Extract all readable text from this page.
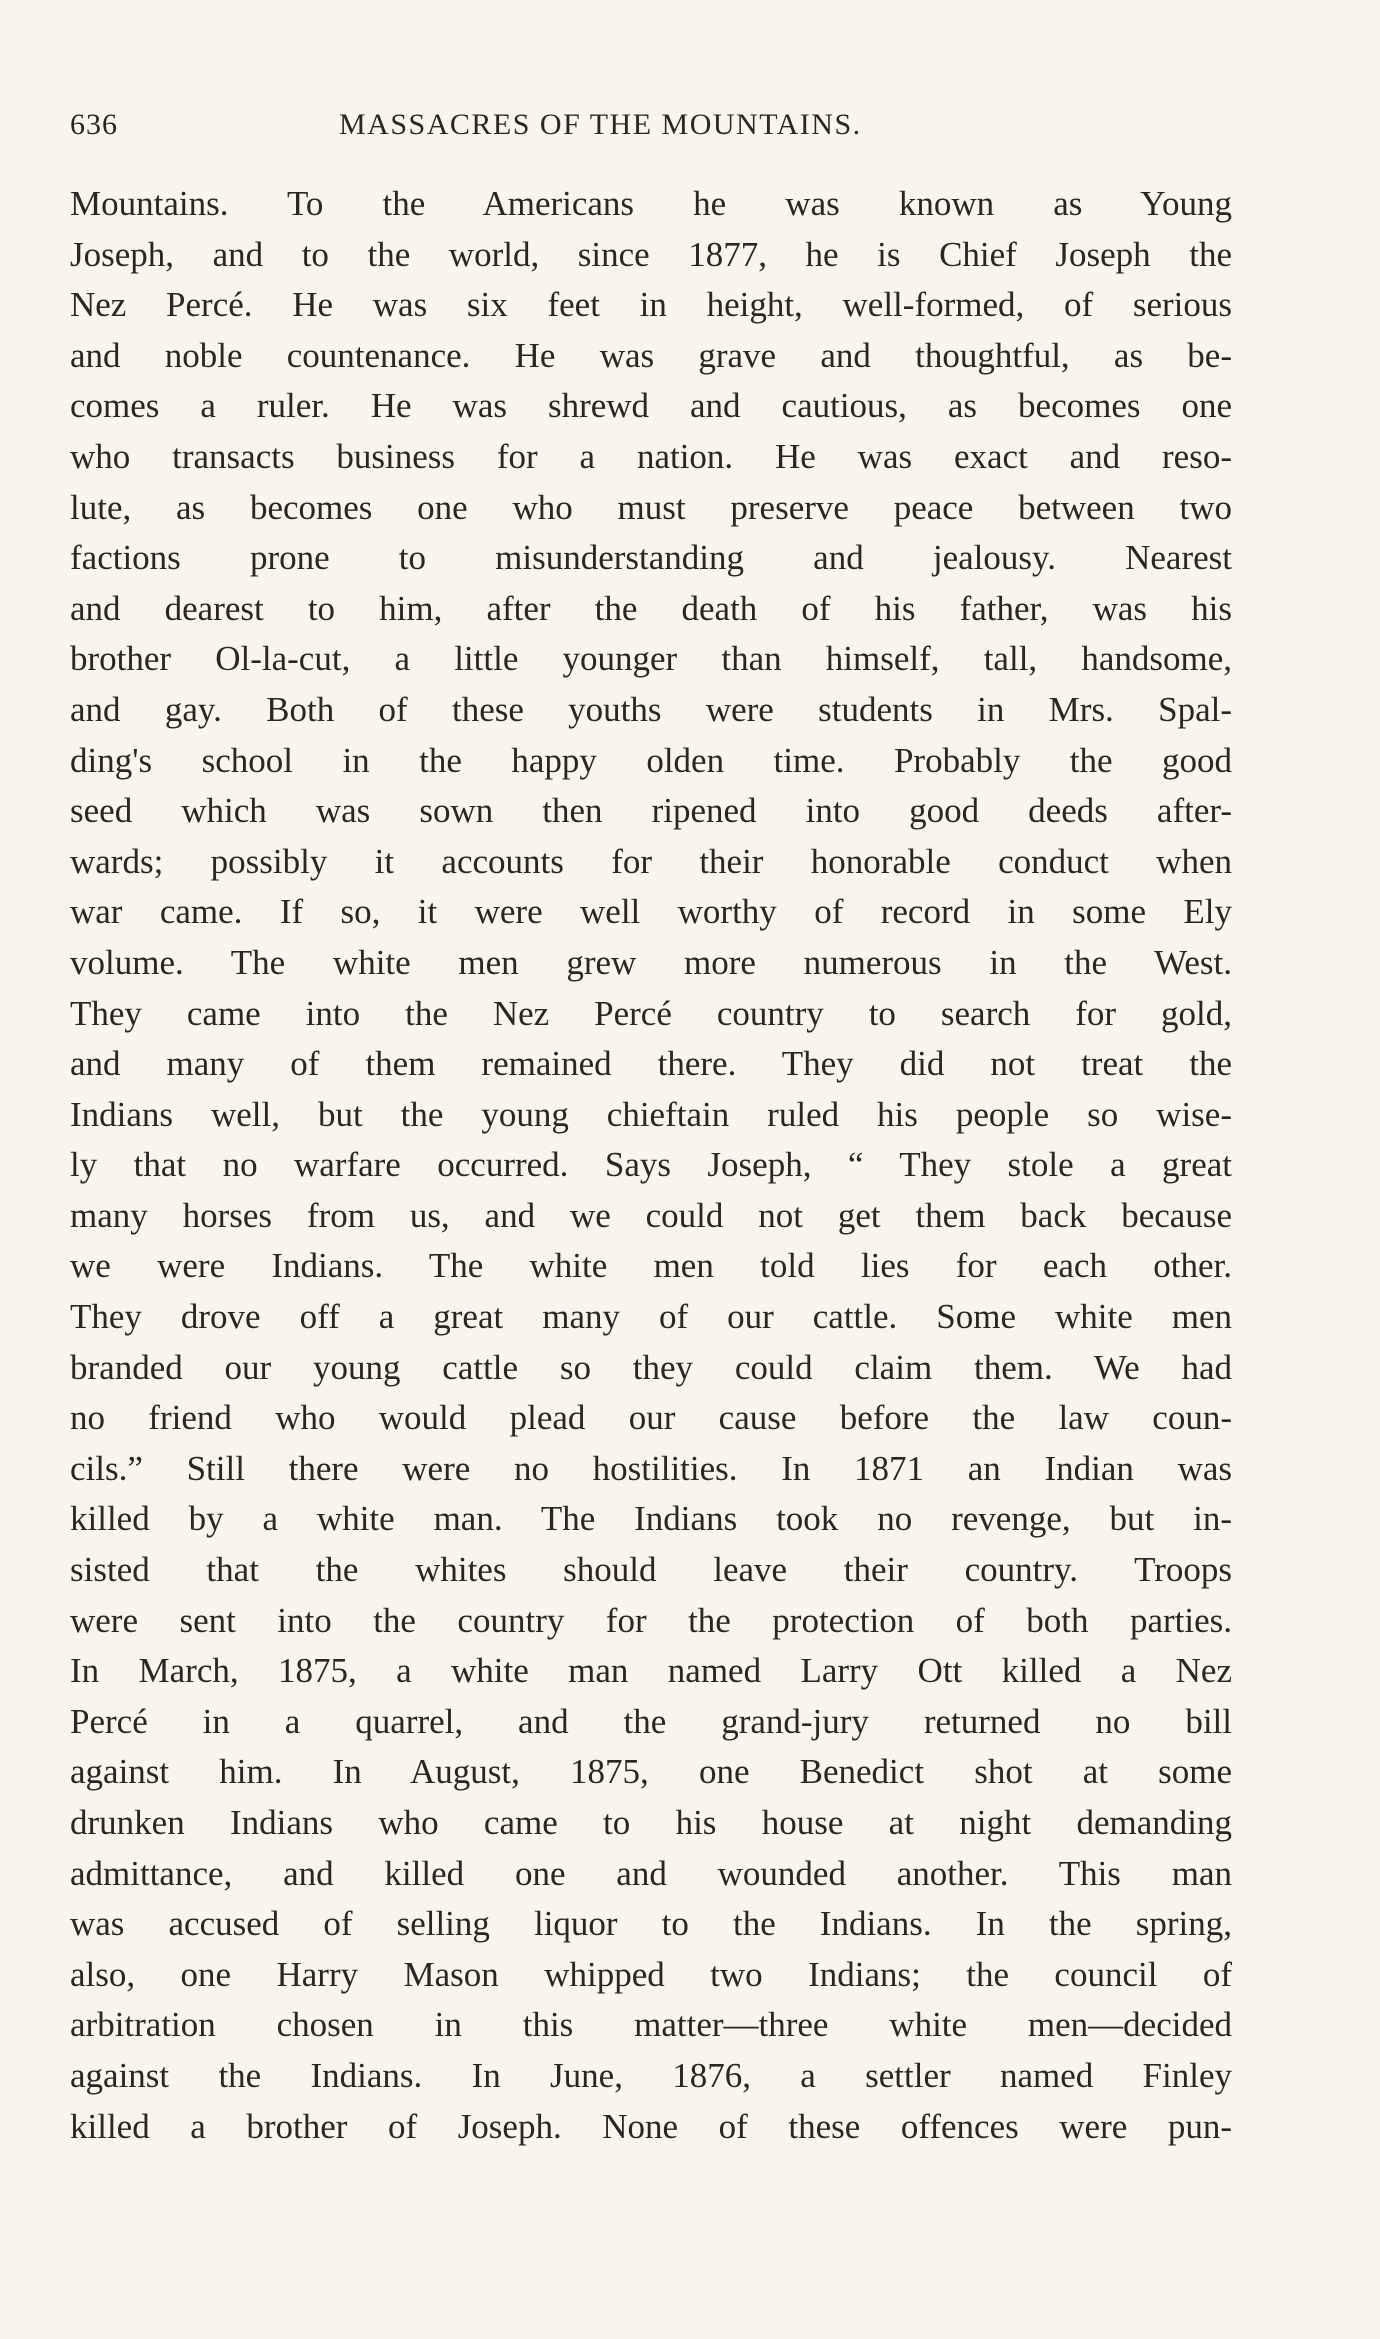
636	MASSACRES OF THE MOUNTAINS.
Mountains. To the Americans he was known as Young
Joseph, and to the world, since 1877, he is Chief Joseph the
Nez Percé. He was six feet in height, well-formed, of serious
and noble countenance. He was grave and thoughtful, as be-
comes a ruler. He was shrewd and cautious, as becomes one
who transacts business for a nation. He was exact and reso-
lute, as becomes one who must preserve peace between two
factions prone to misunderstanding and jealousy. Nearest
and dearest to him, after the death of his father, was his
brother Ol-la-cut, a little younger than himself, tall, handsome,
and gay. Both of these youths were students in Mrs. Spal-
ding's school in the happy olden time. Probably the good
seed which was sown then ripened into good deeds after-
wards; possibly it accounts for their honorable conduct when
war came. If so, it were well worthy of record in some Ely
volume. The white men grew more numerous in the West.
They came into the Nez Percé country to search for gold,
and many of them remained there. They did not treat the
Indians well, but the young chieftain ruled his people so wise-
ly that no warfare occurred. Says Joseph, “ They stole a great
many horses from us, and we could not get them back because
we were Indians. The white men told lies for each other.
They drove off a great many of our cattle. Some white men
branded our young cattle so they could claim them. We had
no friend who would plead our cause before the law coun-
cils.” Still there were no hostilities. In 1871 an Indian was
killed by a white man. The Indians took no revenge, but in-
sisted that the whites should leave their country. Troops
were sent into the country for the protection of both parties.
In March, 1875, a white man named Larry Ott killed a Nez
Percé in a quarrel, and the grand-jury returned no bill
against him. In August, 1875, one Benedict shot at some
drunken Indians who came to his house at night demanding
admittance, and killed one and wounded another. This man
was accused of selling liquor to the Indians. In the spring,
also, one Harry Mason whipped two Indians; the council of
arbitration chosen in this matter—three white men—decided
against the Indians. In June, 1876, a settler named Finley
killed a brother of Joseph. None of these offences were pun-
